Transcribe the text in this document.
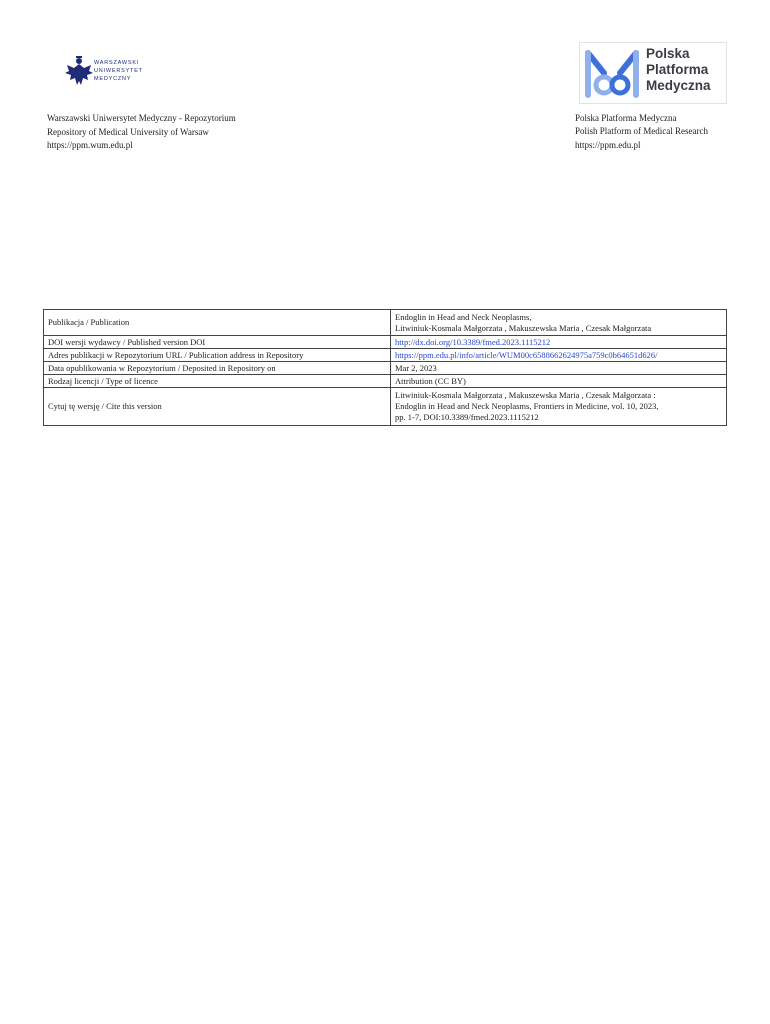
WARSZAWSKI
UNIWERSYTET
MEDYCZNY
Polska
Platforma
Medyczna
Warszawski Uniwersytet Medyczny - Repozytorium
Repository of Medical University of Warsaw
https://ppm.wum.edu.pl
Polska Platforma Medyczna
Polish Platform of Medical Research
https://ppm.edu.pl
Publikacja / Publication	Endoglin in Head and Neck Neoplasms,
Litwiniuk-Kosmala Małgorzata , Makuszewska Maria , Czesak Małgorzata

DOI wersji wydawcy / Published version DOI	http://dx.doi.org/10.3389/fmed.2023.1115212
Adres publikacji w Repozytorium URL / Publication address in Repository	https://ppm.edu.pl/info/article/WUM00c6588662624975a759c0b64651d626/
Data opublikowania w Repozytorium / Deposited in Repository on	Mar 2, 2023
Rodzaj licencji / Type of licence	Attribution (CC BY)
Cytuj tę wersję / Cite this version	Litwiniuk-Kosmala Małgorzata , Makuszewska Maria , Czesak Małgorzata :
Endoglin in Head and Neck Neoplasms, Frontiers in Medicine, vol. 10, 2023,
pp. 1-7, DOI:10.3389/fmed.2023.1115212
